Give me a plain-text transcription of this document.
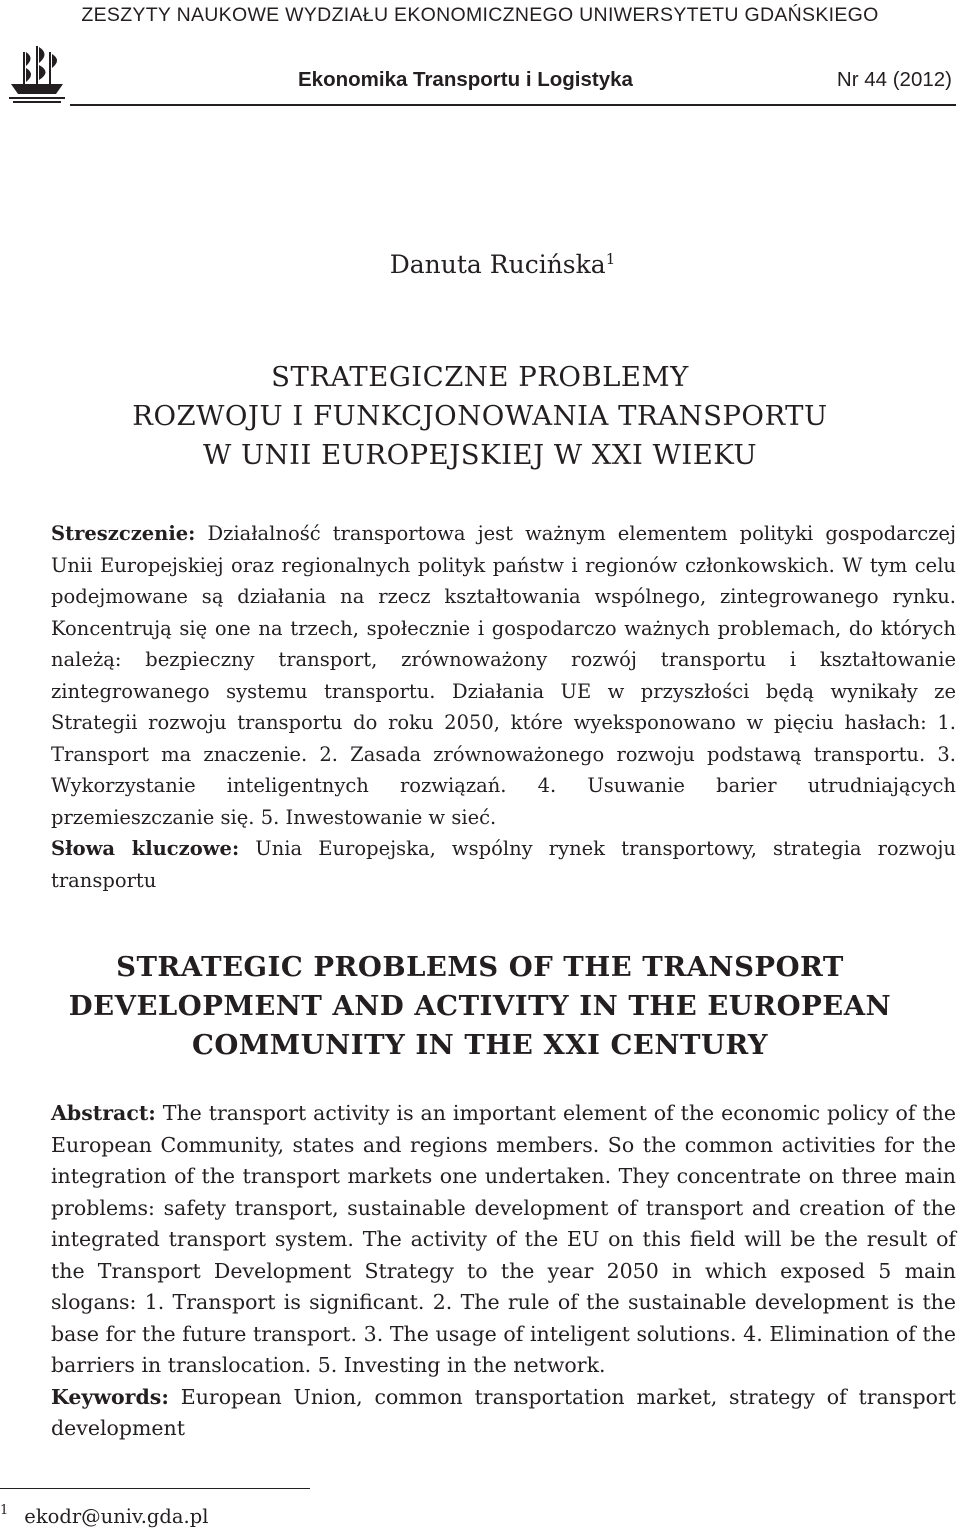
ZESZYTY NAUKOWE WYDZIAŁU EKONOMICZNEGO UNIWERSYTETU GDAŃSKIEGO
Ekonomika Transportu i Logistyka	Nr 44 (2012)
Danuta Rucińska$^1$
STRATEGICZNE PROBLEMY
ROZWOJU I FUNKCJONOWANIA TRANSPORTU
W UNII EUROPEJSKIEJ W XXI WIEKU
Streszczenie: Działalność transportowa jest ważnym elementem polityki gospodarczej Unii Europejskiej oraz regionalnych polityk państw i regionów członkowskich. W tym celu podejmowane są działania na rzecz kształtowania wspólnego, zintegrowanego rynku. Koncentrują się one na trzech, społecznie i gospodarczo ważnych problemach, do których należą: bezpieczny transport, zrównoważony rozwój transportu i kształtowanie zintegrowanego systemu transportu. Działania UE w przyszłości będą wynikały ze Strategii rozwoju transportu do roku 2050, które wyeksponowano w pięciu hasłach: 1. Transport ma znaczenie. 2. Zasada zrównoważonego rozwoju podstawą transportu. 3. Wykorzystanie inteligentnych rozwiązań. 4. Usuwanie barier utrudniających przemieszczanie się. 5. Inwestowanie w sieć.
Słowa kluczowe: Unia Europejska, wspólny rynek transportowy, strategia rozwoju transportu
STRATEGIC PROBLEMS OF THE TRANSPORT
DEVELOPMENT AND ACTIVITY IN THE EUROPEAN
COMMUNITY IN THE XXI CENTURY
Abstract: The transport activity is an important element of the economic policy of the European Community, states and regions members. So the common activities for the integration of the transport markets one undertaken. They concentrate on three main problems: safety transport, sustainable development of transport and creation of the integrated transport system. The activity of the EU on this field will be the result of the Transport Development Strategy to the year 2050 in which exposed 5 main slogans: 1. Transport is significant. 2. The rule of the sustainable development is the base for the future transport. 3. The usage of inteligent solutions. 4. Elimination of the barriers in translocation. 5. Investing in the network.
Keywords: European Union, common transportation market, strategy of transport development
$^1$ ekodr@univ.gda.pl
